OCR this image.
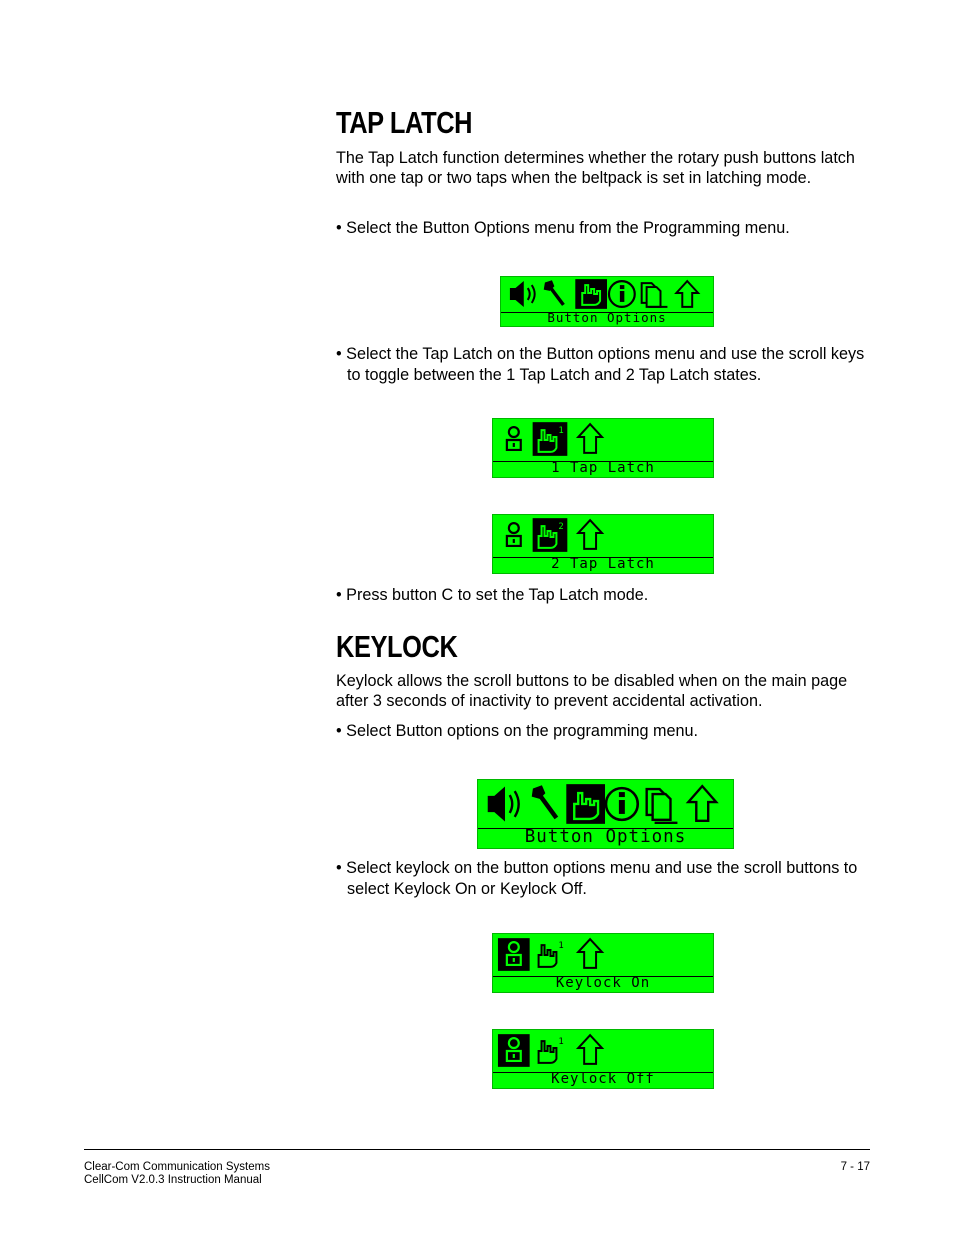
TAP LATCH

The Tap Latch function determines whether the rotary push buttons latch with one tap or two taps when the beltpack is set in latching mode.

• Select the Button Options menu from the Programming menu.

Button Options

• Select the Tap Latch on the Button options menu and use the scroll keys to toggle between the 1 Tap Latch and 2 Tap Latch states.

1
1 Tap Latch
2
2 Tap Latch

• Press button C to set the Tap Latch mode.

KEYLOCK

Keylock allows the scroll buttons to be disabled when on the main page after 3 seconds of inactivity to prevent accidental activation.

• Select Button options on the programming menu.

Button Options

• Select keylock on the button options menu and use the scroll buttons to select Keylock On or Keylock Off.

1
Keylock On
1
Keylock Off
Clear-Com Communication Systems
CellCom V2.0.3 Instruction Manual
7 - 17
